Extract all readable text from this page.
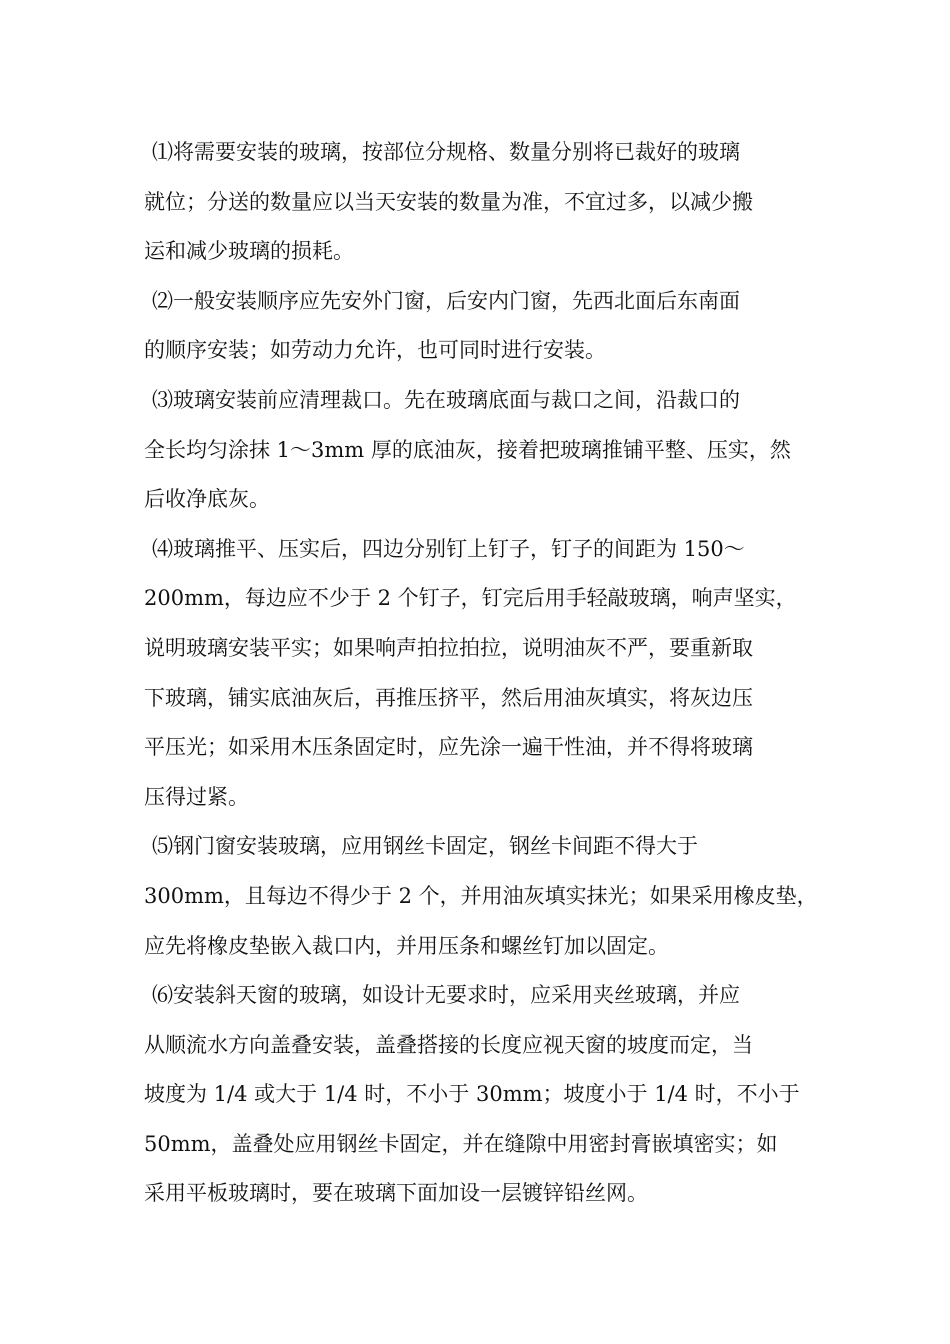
⑴将需要安装的玻璃，按部位分规格、数量分别将已裁好的玻璃
就位；分送的数量应以当天安装的数量为准，不宜过多，以减少搬
运和减少玻璃的损耗。
⑵一般安装顺序应先安外门窗，后安内门窗，先西北面后东南面
的顺序安装；如劳动力允许，也可同时进行安装。
⑶玻璃安装前应清理裁口。先在玻璃底面与裁口之间，沿裁口的
全长均匀涂抹 1～3mm 厚的底油灰，接着把玻璃推铺平整、压实，然
后收净底灰。
⑷玻璃推平、压实后，四边分别钉上钉子，钉子的间距为 150～
200mm，每边应不少于 2 个钉子，钉完后用手轻敲玻璃，响声坚实，
说明玻璃安装平实；如果响声拍拉拍拉，说明油灰不严，要重新取
下玻璃，铺实底油灰后，再推压挤平，然后用油灰填实，将灰边压
平压光；如采用木压条固定时，应先涂一遍干性油，并不得将玻璃
压得过紧。
⑸钢门窗安装玻璃，应用钢丝卡固定，钢丝卡间距不得大于
300mm，且每边不得少于 2 个，并用油灰填实抹光；如果采用橡皮垫，
应先将橡皮垫嵌入裁口内，并用压条和螺丝钉加以固定。
⑹安装斜天窗的玻璃，如设计无要求时，应采用夹丝玻璃，并应
从顺流水方向盖叠安装，盖叠搭接的长度应视天窗的坡度而定，当
坡度为 1/4 或大于 1/4 时，不小于 30mm；坡度小于 1/4 时，不小于
50mm，盖叠处应用钢丝卡固定，并在缝隙中用密封膏嵌填密实；如
采用平板玻璃时，要在玻璃下面加设一层镀锌铅丝网。
